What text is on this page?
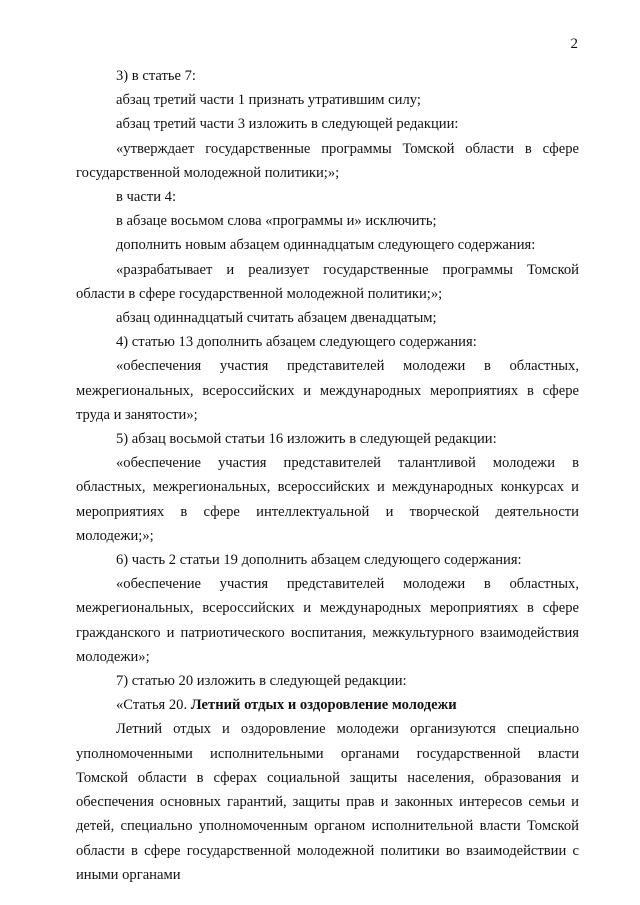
2

3) в статье 7:

абзац третий части 1 признать утратившим силу;

абзац третий части 3 изложить в следующей редакции:

«утверждает государственные программы Томской области в сфере государственной молодежной политики;»;

в части 4:

в абзаце восьмом слова «программы и» исключить;

дополнить новым абзацем одиннадцатым следующего содержания:

«разрабатывает и реализует государственные программы Томской области в сфере государственной молодежной политики;»;

абзац одиннадцатый считать абзацем двенадцатым;

4) статью 13 дополнить абзацем следующего содержания:

«обеспечения участия представителей молодежи в областных, межрегиональных, всероссийских и международных мероприятиях в сфере труда и занятости»;

5) абзац восьмой статьи 16 изложить в следующей редакции:

«обеспечение участия представителей талантливой молодежи в областных, межрегиональных, всероссийских и международных конкурсах и мероприятиях в сфере интеллектуальной и творческой деятельности молодежи;»;

6) часть 2 статьи 19 дополнить абзацем следующего содержания:

«обеспечение участия представителей молодежи в областных, межрегиональных, всероссийских и международных мероприятиях в сфере гражданского и патриотического воспитания, межкультурного взаимодействия молодежи»;

7) статью 20 изложить в следующей редакции:

«Статья 20. Летний отдых и оздоровление молодежи

Летний отдых и оздоровление молодежи организуются специально уполномоченными исполнительными органами государственной власти Томской области в сферах социальной защиты населения, образования и обеспечения основных гарантий, защиты прав и законных интересов семьи и детей, специально уполномоченным органом исполнительной власти Томской области в сфере государственной молодежной политики во взаимодействии с иными органами
